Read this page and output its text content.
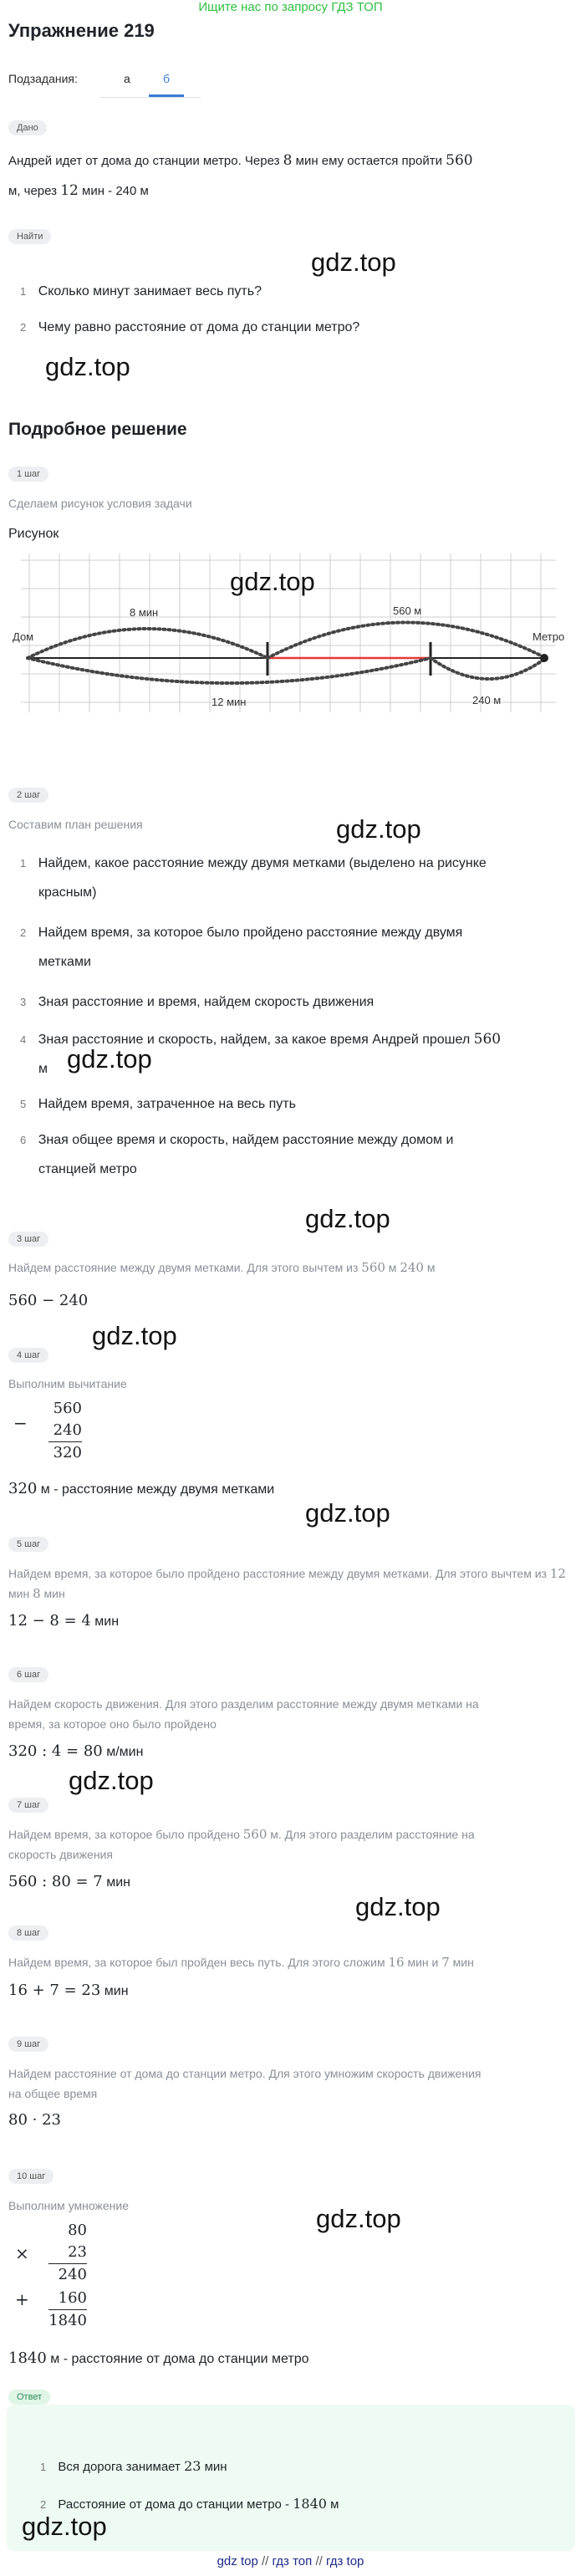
Ищите нас по запросу ГДЗ ТОП
Упражнение 219
Подзадания:	а	б
Дано
Андрей идет от дома до станции метро. Через 8 мин ему остается пройти 560
м, через 12 мин - 240 м
Найти
gdz.top
1 Сколько минут занимает весь путь?
2 Чему равно расстояние от дома до станции метро?
gdz.top
Подробное решение
1 шаг
Сделаем рисунок условия задачи
Рисунок
Дом	Метро
8 мин	560 м
12 мин	240 м
gdz.top
2 шаг
Составим план решения	gdz.top
1 Найдем, какое расстояние между двумя метками (выделено на рисунке
красным)
2 Найдем время, за которое было пройдено расстояние между двумя
метками
3 Зная расстояние и время, найдем скорость движения
4 Зная расстояние и скорость, найдем, за какое время Андрей прошел 560
м gdz.top
5 Найдем время, затраченное на весь путь
6 Зная общее время и скорость, найдем расстояние между домом и
станцией метро
gdz.top
3 шаг
Найдем расстояние между двумя метками. Для этого вычтем из 560 м 240 м
560 − 240
gdz.top
4 шаг
Выполним вычитание
−
560
240
320
320 м - расстояние между двумя метками
gdz.top
5 шаг
Найдем время, за которое было пройдено расстояние между двумя метками. Для этого вычтем из 12 мин 8 мин
12 − 8 = 4 мин
6 шаг
Найдем скорость движения. Для этого разделим расстояние между двумя метками на
время, за которое оно было пройдено
320 : 4 = 80 м/мин
gdz.top
7 шаг
Найдем время, за которое было пройдено 560 м. Для этого разделим расстояние на
скорость движения
560 : 80 = 7 мин
gdz.top
8 шаг
Найдем время, за которое был пройден весь путь. Для этого сложим 16 мин и 7 мин
16 + 7 = 23 мин
9 шаг
Найдем расстояние от дома до станции метро. Для этого умножим скорость движения
на общее время
80 · 23
10 шаг
Выполним умножение	gdz.top
×
80
23
240
+	160
1840
1840 м - расстояние от дома до станции метро
Ответ
1 Вся дорога занимает 23 мин
2 Расстояние от дома до станции метро - 1840 м
gdz.top
gdz top // гдз топ // гдз top
